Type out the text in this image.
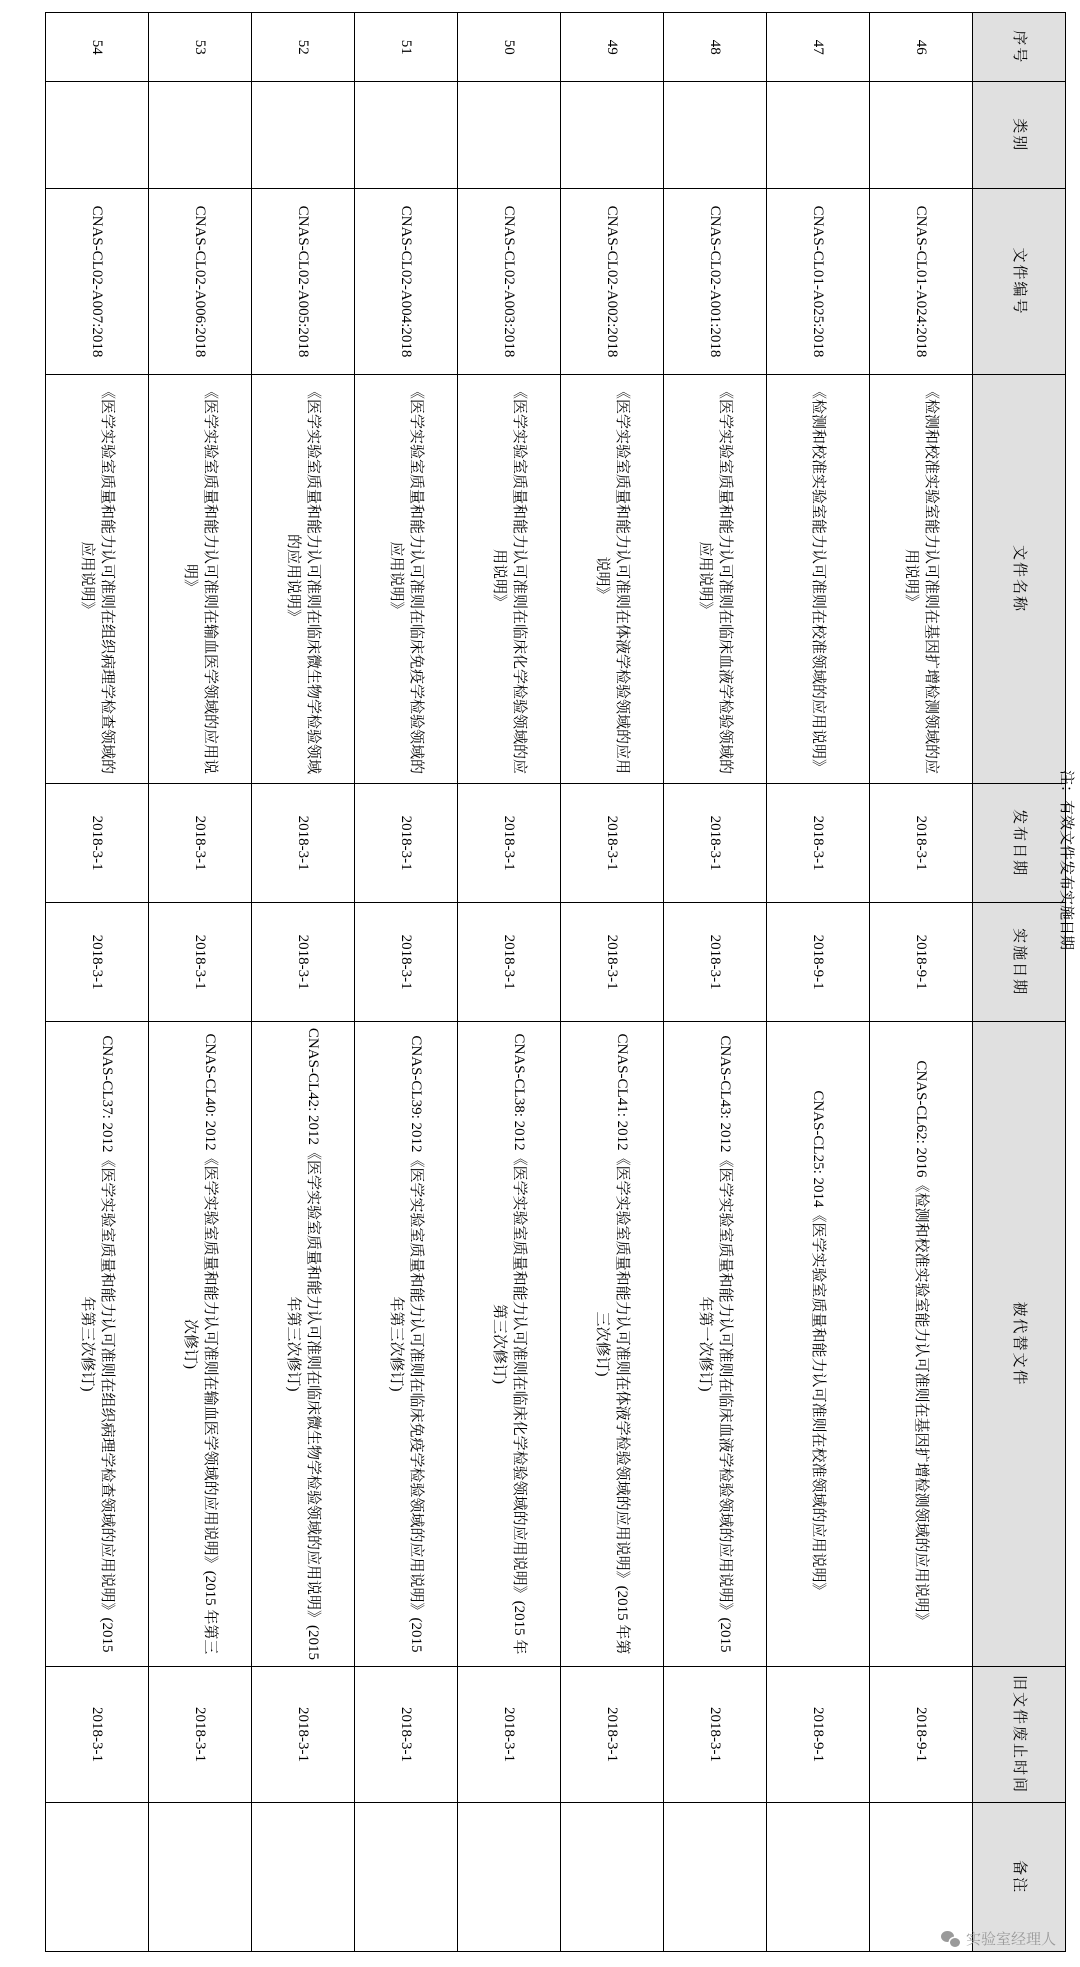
序号	类别	文件编号	文件名称	发布日期	实施日期	被代替文件	旧文件废止时间	备注
46		CNAS-CL01-A024:2018	《检测和校准实验室能力认可准则在基因扩增检测领域的应用说明》	2018-3-1	2018-9-1	CNAS-CL62: 2016《检测和校准实验室能力认可准则在基因扩增检测领域的应用说明》	2018-9-1	
47		CNAS-CL01-A025:2018	《检测和校准实验室能力认可准则在校准领域的应用说明》	2018-3-1	2018-9-1	CNAS-CL25: 2014《医学实验室质量和能力认可准则在校准领域的应用说明》	2018-9-1	
48		CNAS-CL02-A001:2018	《医学实验室质量和能力认可准则在临床血液学检验领域的应用说明》	2018-3-1	2018-3-1	CNAS-CL43: 2012《医学实验室质量和能力认可准则在临床血液学检验领域的应用说明》(2015 年第一次修订)	2018-3-1	
49		CNAS-CL02-A002:2018	《医学实验室质量和能力认可准则在体液学检验领域的应用说明》	2018-3-1	2018-3-1	CNAS-CL41: 2012《医学实验室质量和能力认可准则在体液学检验领域的应用说明》(2015 年第三次修订)	2018-3-1	
50		CNAS-CL02-A003:2018	《医学实验室质量和能力认可准则在临床化学检验领域的应用说明》	2018-3-1	2018-3-1	CNAS-CL38: 2012《医学实验室质量和能力认可准则在临床化学检验领域的应用说明》(2015 年第三次修订)	2018-3-1	
51		CNAS-CL02-A004:2018	《医学实验室质量和能力认可准则在临床免疫学检验领域的应用说明》	2018-3-1	2018-3-1	CNAS-CL39: 2012《医学实验室质量和能力认可准则在临床免疫学检验领域的应用说明》(2015 年第三次修订)	2018-3-1	
52		CNAS-CL02-A005:2018	《医学实验室质量和能力认可准则在临床微生物学检验领域的应用说明》	2018-3-1	2018-3-1	CNAS-CL42: 2012《医学实验室质量和能力认可准则在临床微生物学检验领域的应用说明》(2015 年第三次修订)	2018-3-1	
53		CNAS-CL02-A006:2018	《医学实验室质量和能力认可准则在输血医学领域的应用说明》	2018-3-1	2018-3-1	CNAS-CL40: 2012《医学实验室质量和能力认可准则在输血医学领域的应用说明》(2015 年第三次修订)	2018-3-1	
54		CNAS-CL02-A007:2018	《医学实验室质量和能力认可准则在组织病理学检查领域的应用说明》	2018-3-1	2018-3-1	CNAS-CL37: 2012《医学实验室质量和能力认可准则在组织病理学检查领域的应用说明》(2015 年第三次修订)	2018-3-1	
注：有效文件发布实施日期
实验室经理人
